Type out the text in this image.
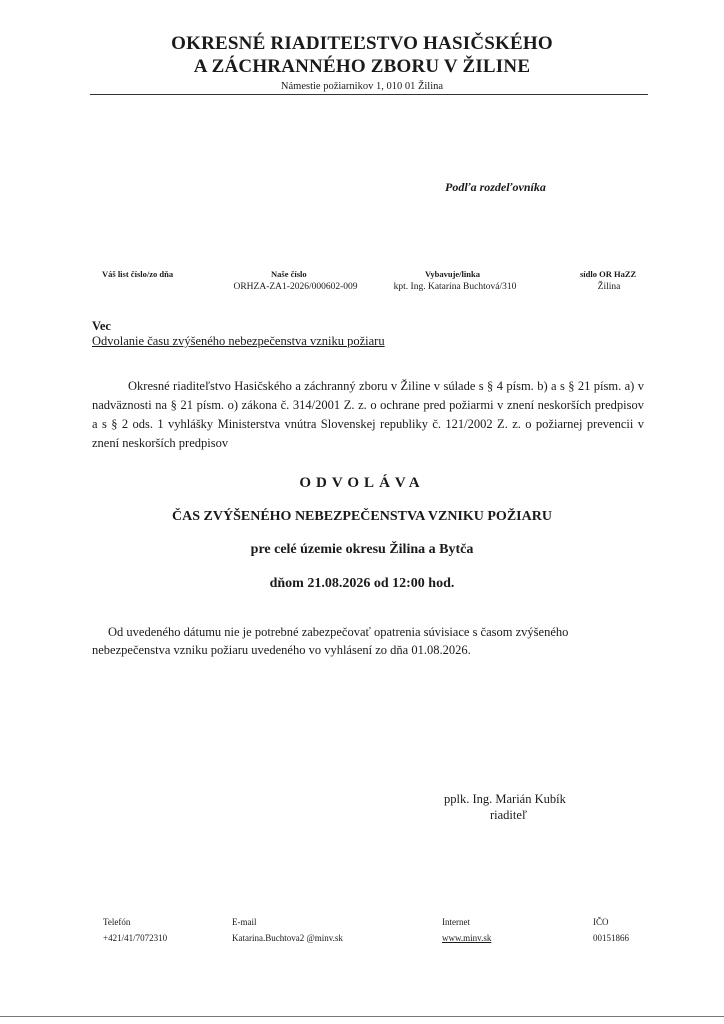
OKRESNÉ RIADITEĽSTVO HASIČSKÉHO
A ZÁCHRANNÉHO ZBORU V ŽILINE
Námestie požiarnikov 1, 010 01 Žilina
Podľa rozdeľovníka
Váš list číslo/zo dňa	Naše číslo
ORHZA-ZA1-2026/000602-009
Vybavuje/linka
kpt. Ing. Katarína Buchtová/310
sídlo OR HaZZ
Žilina
Vec
Odvolanie času zvýšeného nebezpečenstva vzniku požiaru
Okresné riaditeľstvo Hasičského a záchranný zboru v Žiline v súlade s § 4 písm. b) a s § 21 písm. a) v nadväznosti na § 21 písm. o) zákona č. 314/2001 Z. z. o ochrane pred požiarmi v znení neskorších predpisov a s § 2 ods. 1 vyhlášky Ministerstva vnútra Slovenskej republiky č. 121/2002 Z. z. o požiarnej prevencii v znení neskorších predpisov
ODVOLÁVA
ČAS ZVÝŠENÉHO NEBEZPEČENSTVA VZNIKU POŽIARU
pre celé územie okresu Žilina a Bytča
dňom 21.08.2026 od 12:00 hod.
Od uvedeného dátumu nie je potrebné zabezpečovať opatrenia súvisiace s časom zvýšeného nebezpečenstva vzniku požiaru uvedeného vo vyhlásení zo dňa 01.08.2026.
pplk. Ing. Marián Kubík
riaditeľ
Telefón
+421/41/7072310
E-mail
Katarina.Buchtova2 @minv.sk
Internet
www.minv.sk
IČO
00151866
